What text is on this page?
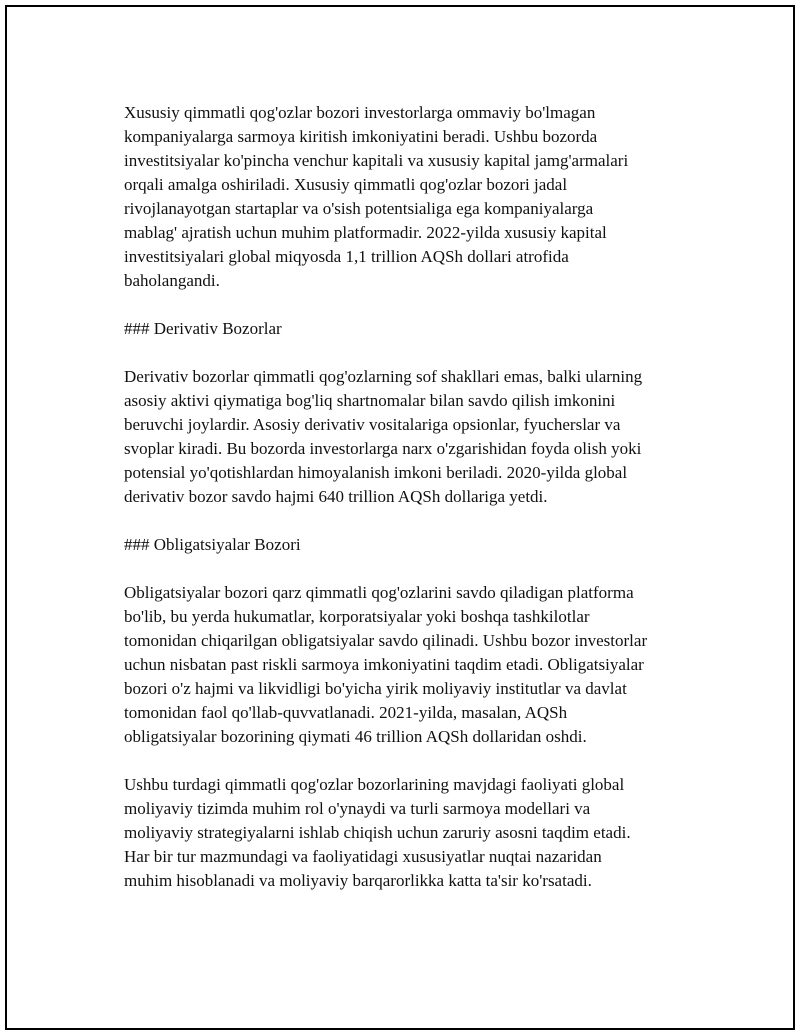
Xususiy qimmatli qog'ozlar bozori investorlarga ommaviy bo'lmagan
kompaniyalarga sarmoya kiritish imkoniyatini beradi. Ushbu bozorda
investitsiyalar ko'pincha venchur kapitali va xususiy kapital jamg'armalari
orqali amalga oshiriladi. Xususiy qimmatli qog'ozlar bozori jadal
rivojlanayotgan startaplar va o'sish potentsialiga ega kompaniyalarga
mablag' ajratish uchun muhim platformadir. 2022-yilda xususiy kapital
investitsiyalari global miqyosda 1,1 trillion AQSh dollari atrofida
baholangandi.

### Derivativ Bozorlar

Derivativ bozorlar qimmatli qog'ozlarning sof shakllari emas, balki ularning
asosiy aktivi qiymatiga bog'liq shartnomalar bilan savdo qilish imkonini
beruvchi joylardir. Asosiy derivativ vositalariga opsionlar, fyucherslar va
svoplar kiradi. Bu bozorda investorlarga narx o'zgarishidan foyda olish yoki
potensial yo'qotishlardan himoyalanish imkoni beriladi. 2020-yilda global
derivativ bozor savdo hajmi 640 trillion AQSh dollariga yetdi.

### Obligatsiyalar Bozori

Obligatsiyalar bozori qarz qimmatli qog'ozlarini savdo qiladigan platforma
bo'lib, bu yerda hukumatlar, korporatsiyalar yoki boshqa tashkilotlar
tomonidan chiqarilgan obligatsiyalar savdo qilinadi. Ushbu bozor investorlar
uchun nisbatan past riskli sarmoya imkoniyatini taqdim etadi. Obligatsiyalar
bozori o'z hajmi va likvidligi bo'yicha yirik moliyaviy institutlar va davlat
tomonidan faol qo'llab-quvvatlanadi. 2021-yilda, masalan, AQSh
obligatsiyalar bozorining qiymati 46 trillion AQSh dollaridan oshdi.

Ushbu turdagi qimmatli qog'ozlar bozorlarining mavjdagi faoliyati global
moliyaviy tizimda muhim rol o'ynaydi va turli sarmoya modellari va
moliyaviy strategiyalarni ishlab chiqish uchun zaruriy asosni taqdim etadi.
Har bir tur mazmundagi va faoliyatidagi xususiyatlar nuqtai nazaridan
muhim hisoblanadi va moliyaviy barqarorlikka katta ta'sir ko'rsatadi.
